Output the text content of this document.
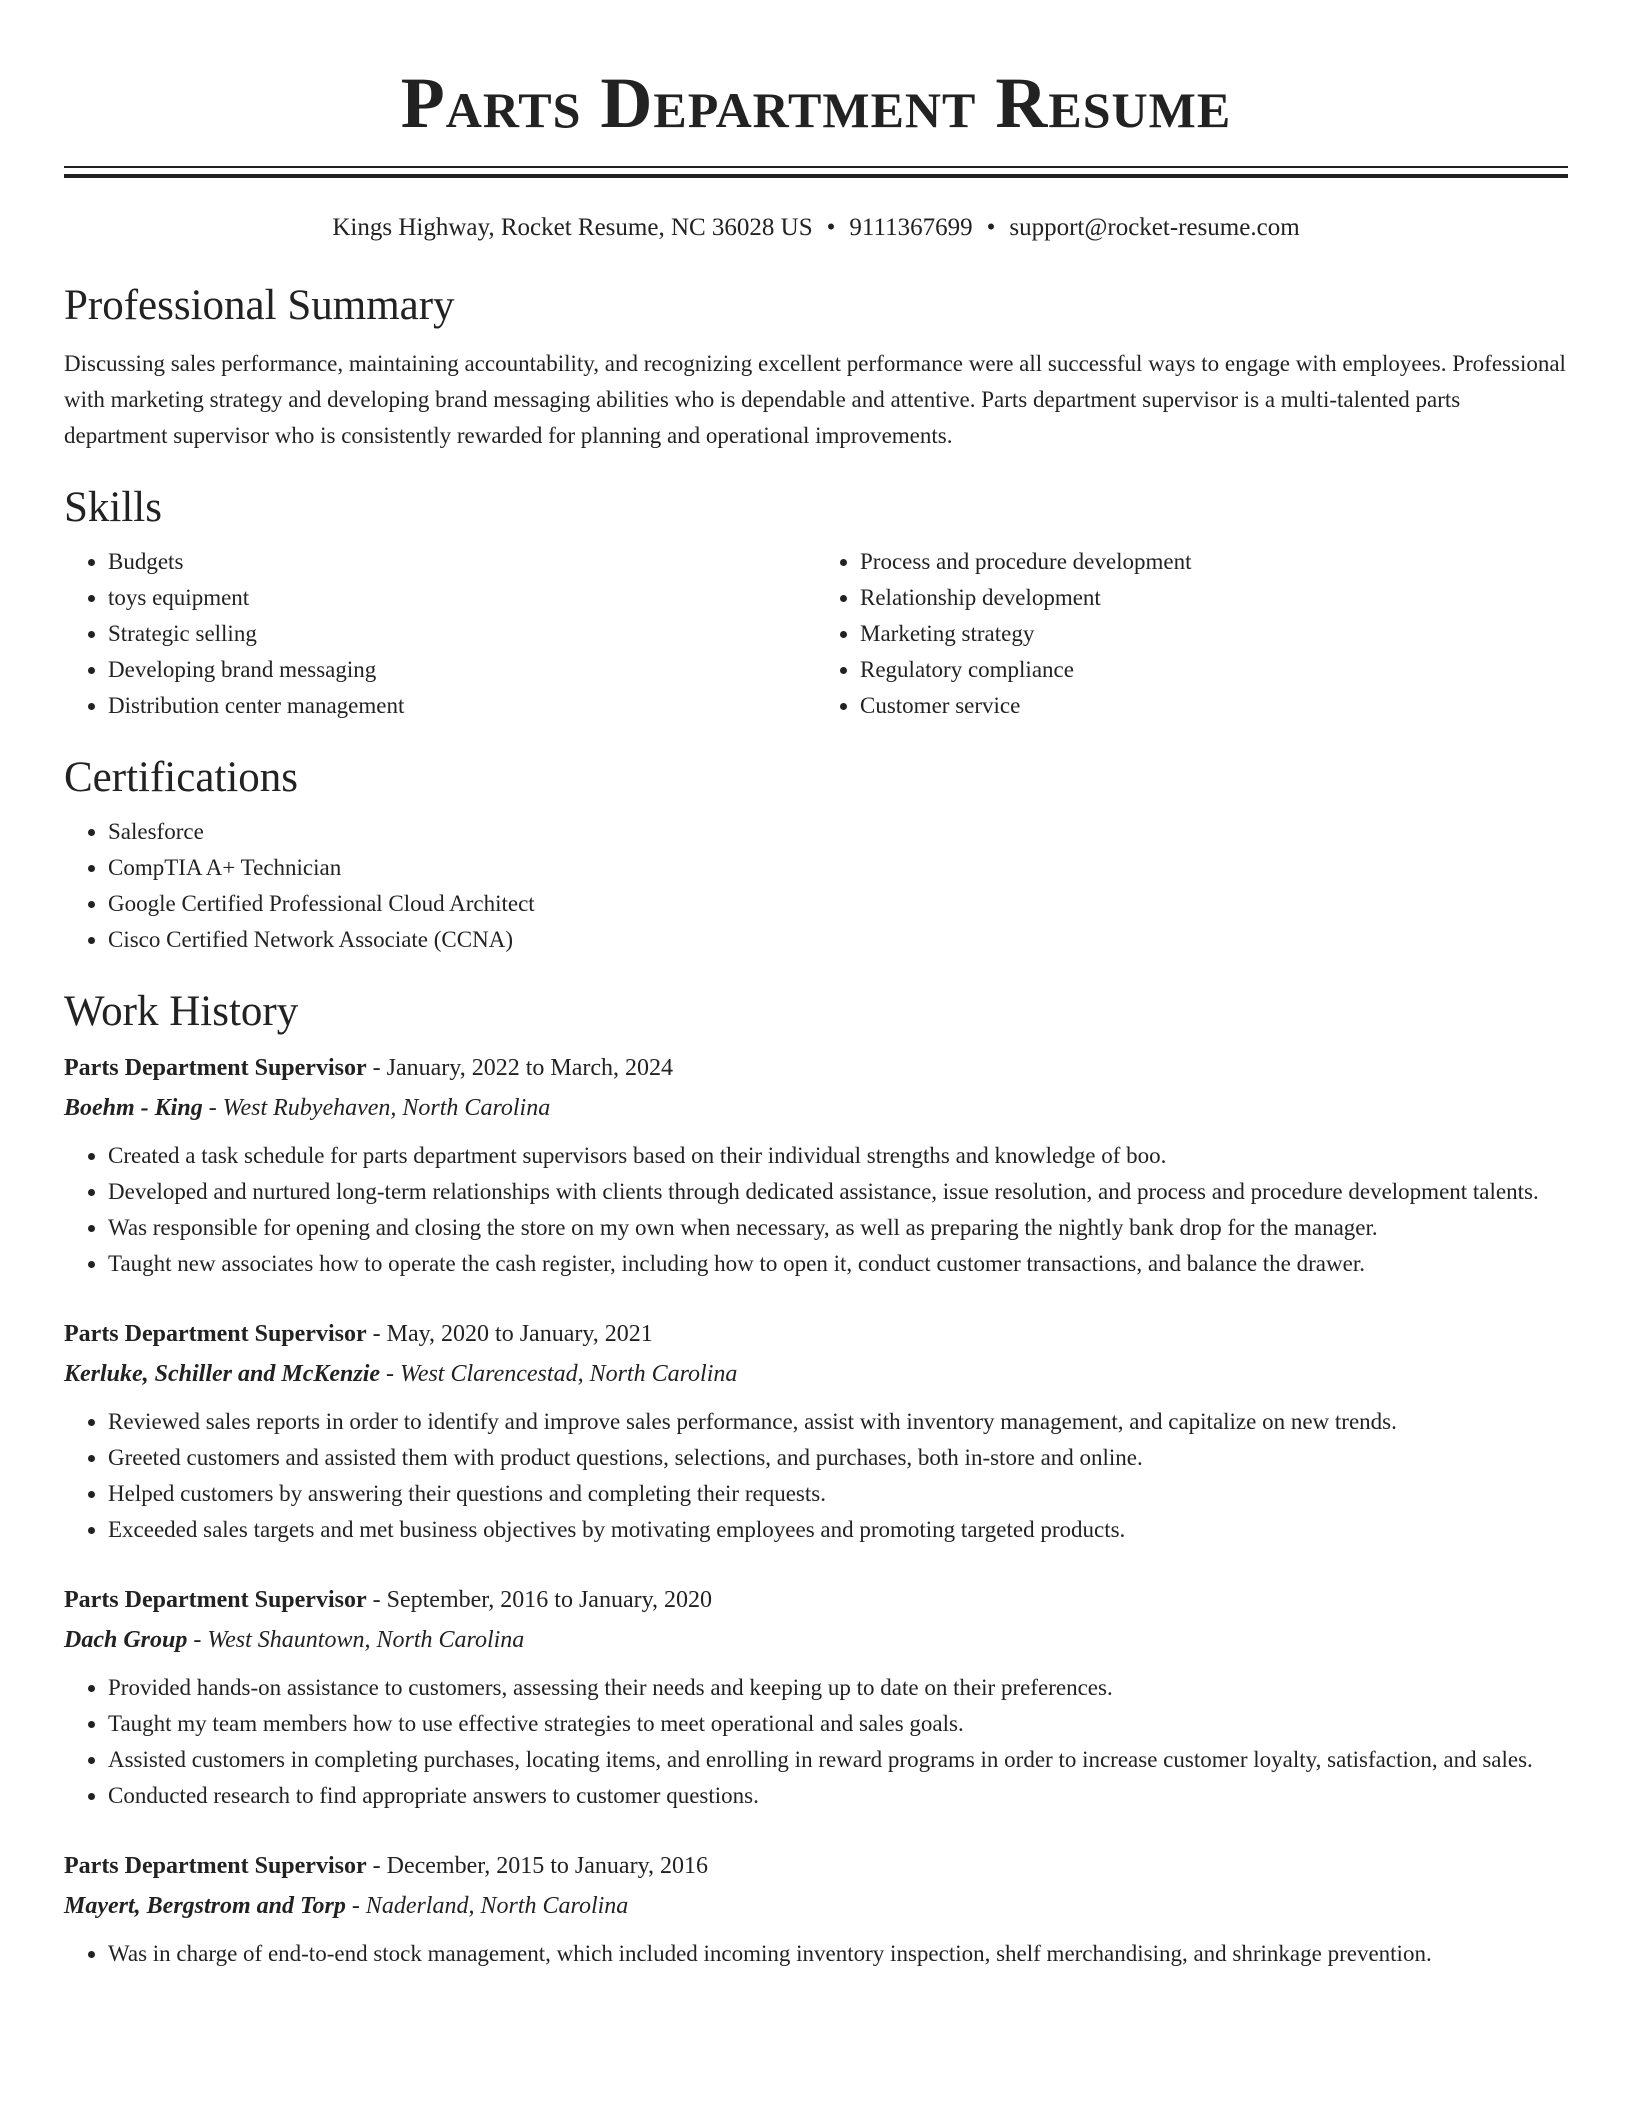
Parts Department Resume
Kings Highway, Rocket Resume, NC 36028 US • 9111367699 • support@rocket-resume.com
Professional Summary

Discussing sales performance, maintaining accountability, and recognizing excellent performance were all successful ways to engage with employees. Professional with marketing strategy and developing brand messaging abilities who is dependable and attentive. Parts department supervisor is a multi-talented parts department supervisor who is consistently rewarded for planning and operational improvements.

Skills
• Budgets
• toys equipment
• Strategic selling
• Developing brand messaging
• Distribution center management
• Process and procedure development
• Relationship development
• Marketing strategy
• Regulatory compliance
• Customer service
Certifications
• Salesforce
• CompTIA A+ Technician
• Google Certified Professional Cloud Architect
• Cisco Certified Network Associate (CCNA)
Work History
Parts Department Supervisor - January, 2022 to March, 2024
Boehm - King - West Rubyehaven, North Carolina
• Created a task schedule for parts department supervisors based on their individual strengths and knowledge of boo.
• Developed and nurtured long-term relationships with clients through dedicated assistance, issue resolution, and process and procedure development talents.
• Was responsible for opening and closing the store on my own when necessary, as well as preparing the nightly bank drop for the manager.
• Taught new associates how to operate the cash register, including how to open it, conduct customer transactions, and balance the drawer.
Parts Department Supervisor - May, 2020 to January, 2021
Kerluke, Schiller and McKenzie - West Clarencestad, North Carolina
• Reviewed sales reports in order to identify and improve sales performance, assist with inventory management, and capitalize on new trends.
• Greeted customers and assisted them with product questions, selections, and purchases, both in-store and online.
• Helped customers by answering their questions and completing their requests.
• Exceeded sales targets and met business objectives by motivating employees and promoting targeted products.
Parts Department Supervisor - September, 2016 to January, 2020
Dach Group - West Shauntown, North Carolina
• Provided hands-on assistance to customers, assessing their needs and keeping up to date on their preferences.
• Taught my team members how to use effective strategies to meet operational and sales goals.
• Assisted customers in completing purchases, locating items, and enrolling in reward programs in order to increase customer loyalty, satisfaction, and sales.
• Conducted research to find appropriate answers to customer questions.
Parts Department Supervisor - December, 2015 to January, 2016
Mayert, Bergstrom and Torp - Naderland, North Carolina
• Was in charge of end-to-end stock management, which included incoming inventory inspection, shelf merchandising, and shrinkage prevention.
